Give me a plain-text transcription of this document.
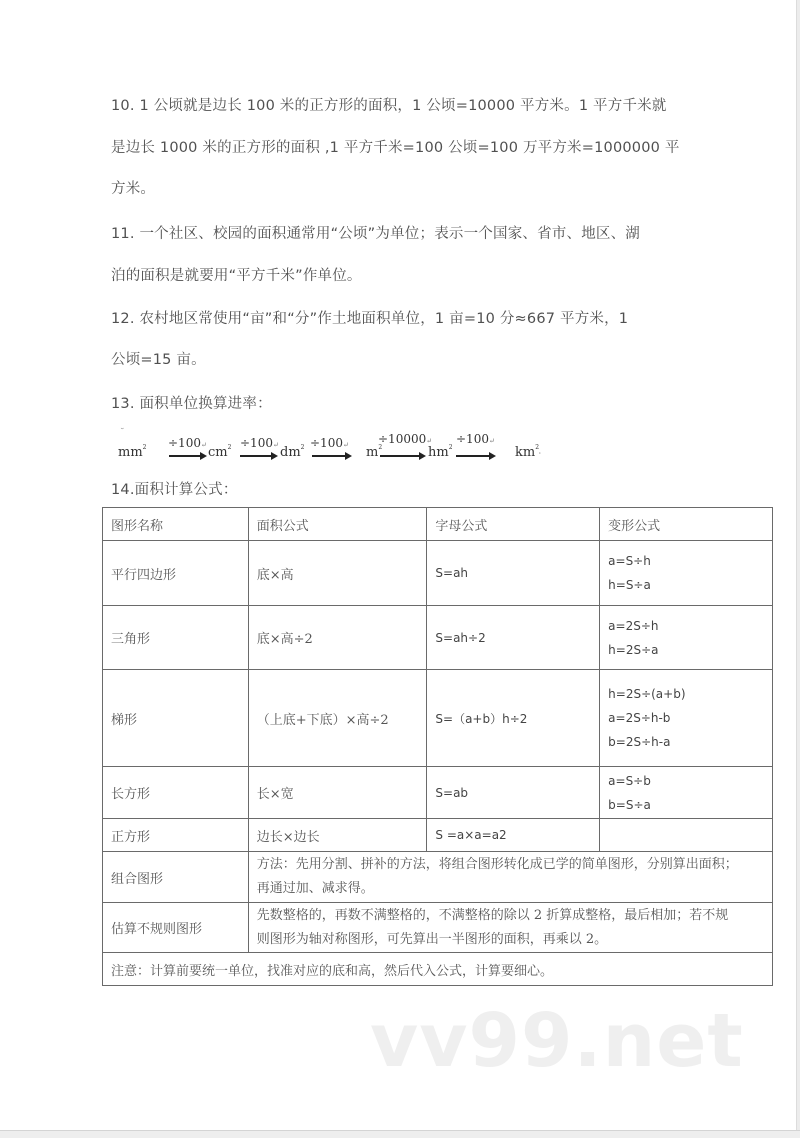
10. 1 公顷就是边长 100 米的正方形的面积，1 公顷=10000 平方米。1 平方千米就
是边长 1000 米的正方形的面积 ,1 平方千米=100 公顷=100 万平方米=1000000 平
方米。
11. 一个社区、校园的面积通常用“公顷”为单位；表示一个国家、省市、地区、湖
泊的面积是就要用“平方千米”作单位。
12. 农村地区常使用“亩”和“分”作土地面积单位，1 亩=10 分≈667 平方米，1
公顷=15 亩。
13. 面积单位换算进率：
˘
$mm^2$ ÷100↵ $cm^2$ ÷100↵ $dm^2$ ÷100↵ $m^2$
÷10000↵
$hm^2$
÷100↵
$km^2˒$
14.面积计算公式：
图形名称	面积公式	字母公式	变形公式
平行四边形	底×高	S=ah	a=S÷h
h=S÷a

三角形	底×高÷2	S=ah÷2	a=2S÷h
h=2S÷a

梯形	（上底+下底）×高÷2	S=（a+b）h÷2	h=2S÷(a+b)
a=2S÷h-b
b=2S÷h-a

长方形	长×宽	S=ab	a=S÷b
b=S÷a

正方形	边长×边长	S =a×a=a2	
组合图形	方法：先用分割、拼补的方法，将组合图形转化成已学的简单图形，分别算出面积；
再通过加、减求得。		

估算不规则图形	先数整格的，再数不满整格的，不满整格的除以 2 折算成整格，最后相加；若不规
则图形为轴对称图形，可先算出一半图形的面积，再乘以 2。		

注意：计算前要统一单位，找准对应的底和高，然后代入公式，计算要细心。			
vv99.net
